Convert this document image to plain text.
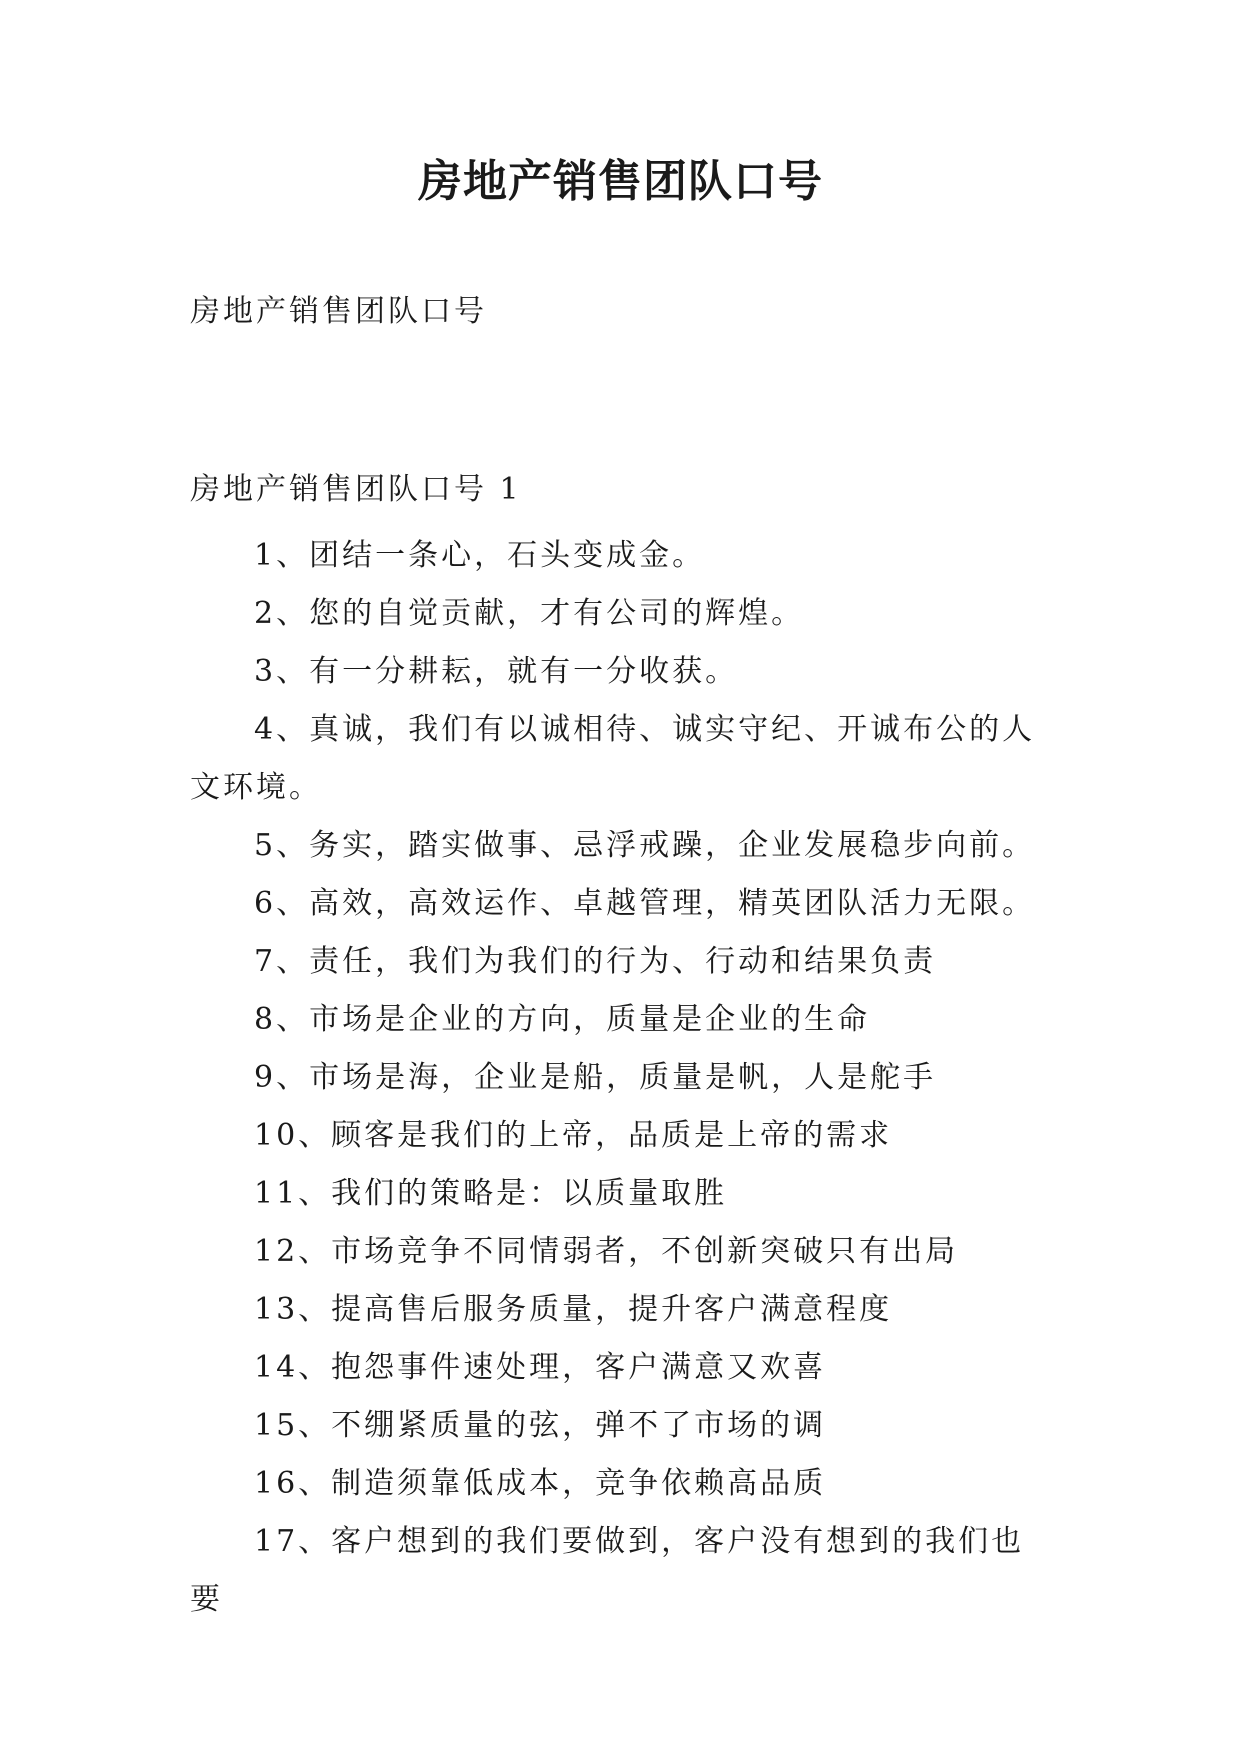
房地产销售团队口号
房地产销售团队口号
房地产销售团队口号 1
1、团结一条心，石头变成金。
2、您的自觉贡献，才有公司的辉煌。
3、有一分耕耘，就有一分收获。
4、真诚，我们有以诚相待、诚实守纪、开诚布公的人文环境。
5、务实，踏实做事、忌浮戒躁，企业发展稳步向前。
6、高效，高效运作、卓越管理，精英团队活力无限。
7、责任，我们为我们的行为、行动和结果负责
8、市场是企业的方向，质量是企业的生命
9、市场是海，企业是船，质量是帆，人是舵手
10、顾客是我们的上帝，品质是上帝的需求
11、我们的策略是：以质量取胜
12、市场竞争不同情弱者，不创新突破只有出局
13、提高售后服务质量，提升客户满意程度
14、抱怨事件速处理，客户满意又欢喜
15、不绷紧质量的弦，弹不了市场的调
16、制造须靠低成本，竞争依赖高品质
17、客户想到的我们要做到，客户没有想到的我们也要
